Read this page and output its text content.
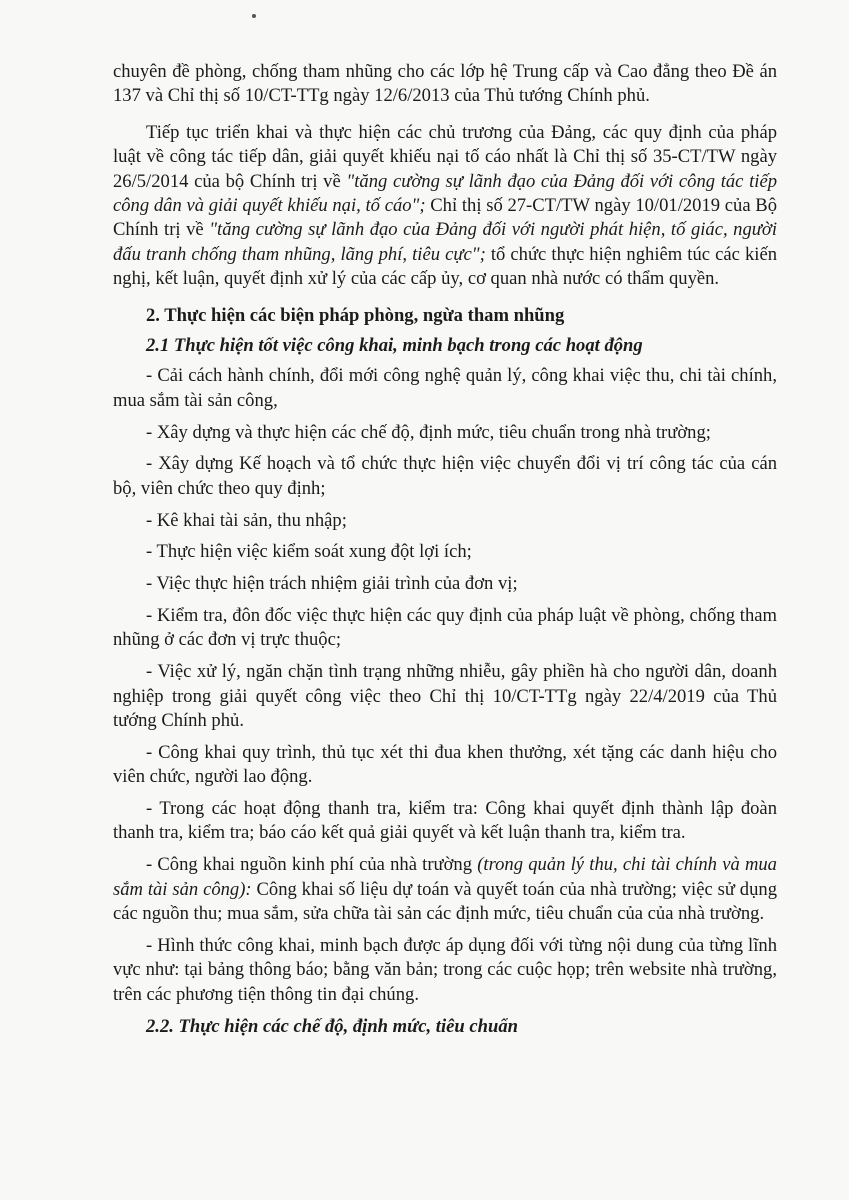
chuyên đề phòng, chống tham nhũng cho các lớp hệ Trung cấp và Cao đẳng theo Đề án 137 và Chỉ thị số 10/CT-TTg ngày 12/6/2013 của Thủ tướng Chính phủ.

Tiếp tục triển khai và thực hiện các chủ trương của Đảng, các quy định của pháp luật về công tác tiếp dân, giải quyết khiếu nại tố cáo nhất là Chỉ thị số 35-CT/TW ngày 26/5/2014 của bộ Chính trị về "tăng cường sự lãnh đạo của Đảng đối với công tác tiếp công dân và giải quyết khiếu nại, tố cáo"; Chỉ thị số 27-CT/TW ngày 10/01/2019 của Bộ Chính trị về "tăng cường sự lãnh đạo của Đảng đối với người phát hiện, tố giác, người đấu tranh chống tham nhũng, lãng phí, tiêu cực"; tổ chức thực hiện nghiêm túc các kiến nghị, kết luận, quyết định xử lý của các cấp ủy, cơ quan nhà nước có thẩm quyền.

2. Thực hiện các biện pháp phòng, ngừa tham nhũng

2.1 Thực hiện tốt việc công khai, minh bạch trong các hoạt động

- Cải cách hành chính, đổi mới công nghệ quản lý, công khai việc thu, chi tài chính, mua sắm tài sản công,

- Xây dựng và thực hiện các chế độ, định mức, tiêu chuẩn trong nhà trường;

- Xây dựng Kế hoạch và tổ chức thực hiện việc chuyển đổi vị trí công tác của cán bộ, viên chức theo quy định;

- Kê khai tài sản, thu nhập;

- Thực hiện việc kiểm soát xung đột lợi ích;

- Việc thực hiện trách nhiệm giải trình của đơn vị;

- Kiểm tra, đôn đốc việc thực hiện các quy định của pháp luật về phòng, chống tham nhũng ở các đơn vị trực thuộc;

- Việc xử lý, ngăn chặn tình trạng những nhiễu, gây phiền hà cho người dân, doanh nghiệp trong giải quyết công việc theo Chỉ thị 10/CT-TTg ngày 22/4/2019 của Thủ tướng Chính phủ.

- Công khai quy trình, thủ tục xét thi đua khen thưởng, xét tặng các danh hiệu cho viên chức, người lao động.

- Trong các hoạt động thanh tra, kiểm tra: Công khai quyết định thành lập đoàn thanh tra, kiểm tra; báo cáo kết quả giải quyết và kết luận thanh tra, kiểm tra.

- Công khai nguồn kinh phí của nhà trường (trong quản lý thu, chi tài chính và mua sắm tài sản công): Công khai số liệu dự toán và quyết toán của nhà trường; việc sử dụng các nguồn thu; mua sắm, sửa chữa tài sản các định mức, tiêu chuẩn của của nhà trường.

- Hình thức công khai, minh bạch được áp dụng đối với từng nội dung của từng lĩnh vực như: tại bảng thông báo; bằng văn bản; trong các cuộc họp; trên website nhà trường, trên các phương tiện thông tin đại chúng.

2.2. Thực hiện các chế độ, định mức, tiêu chuẩn
